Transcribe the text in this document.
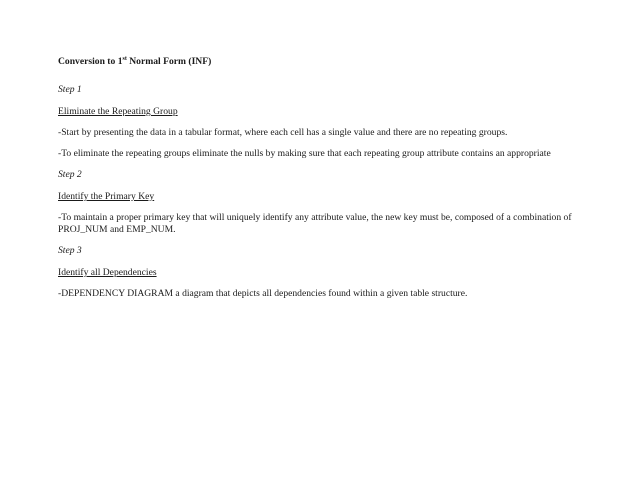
Conversion to 1st Normal Form (INF)

Step 1

Eliminate the Repeating Group

-Start by presenting the data in a tabular format, where each cell has a single value and there are no repeating groups.

-To eliminate the repeating groups eliminate the nulls by making sure that each repeating group attribute contains an appropriate

Step 2

Identify the Primary Key

-To maintain a proper primary key that will uniquely identify any attribute value, the new key must be, composed of a combination of PROJ_NUM and EMP_NUM.

Step 3

Identify all Dependencies

-DEPENDENCY DIAGRAM a diagram that depicts all dependencies found within a given table structure.
